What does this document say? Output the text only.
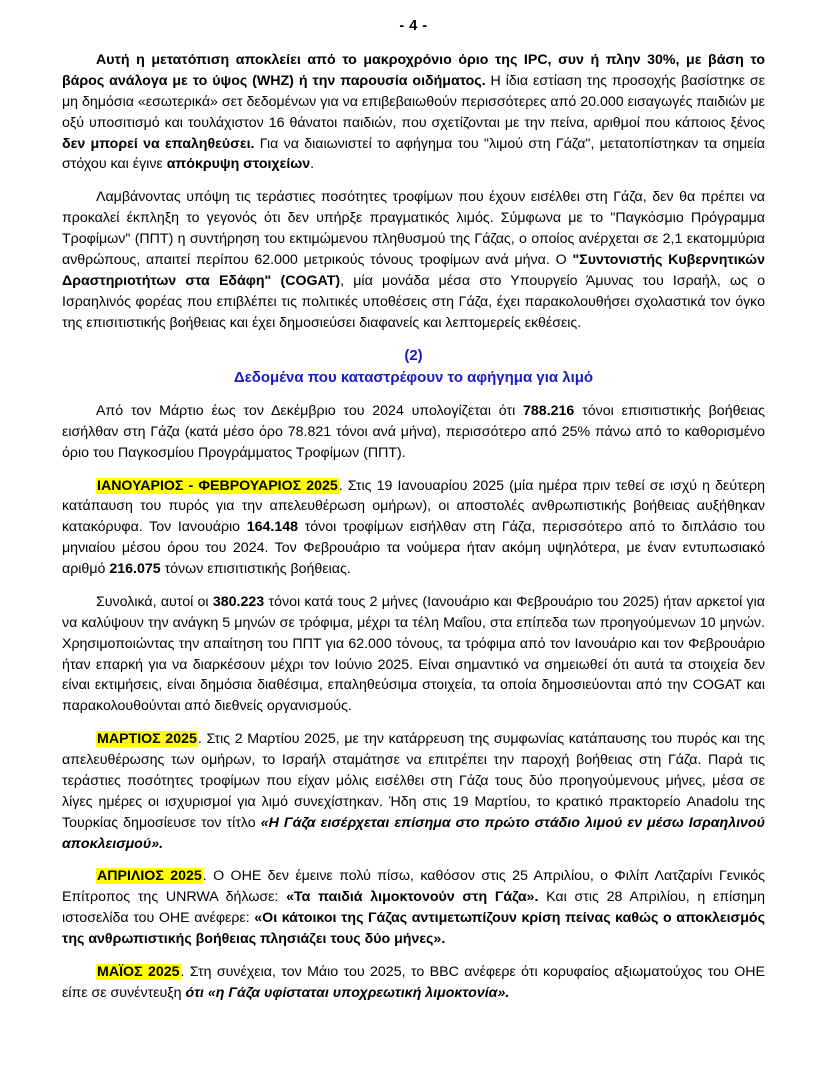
- 4 -

Αυτή η μετατόπιση αποκλείει από το μακροχρόνιο όριο της IPC, συν ή πλην 30%, με βάση το βάρος ανάλογα με το ύψος (WHZ) ή την παρουσία οιδήματος. Η ίδια εστίαση της προσοχής βασίστηκε σε μη δημόσια «εσωτερικά» σετ δεδομένων για να επιβεβαιωθούν περισσότερες από 20.000 εισαγωγές παιδιών με οξύ υποσιτισμό και τουλάχιστον 16 θάνατοι παιδιών, που σχετίζονται με την πείνα, αριθμοί που κάποιος ξένος δεν μπορεί να επαληθεύσει. Για να διαιωνιστεί το αφήγημα του "λιμού στη Γάζα", μετατοπίστηκαν τα σημεία στόχου και έγινε απόκρυψη στοιχείων.

Λαμβάνοντας υπόψη τις τεράστιες ποσότητες τροφίμων που έχουν εισέλθει στη Γάζα, δεν θα πρέπει να προκαλεί έκπληξη το γεγονός ότι δεν υπήρξε πραγματικός λιμός. Σύμφωνα με το "Παγκόσμιο Πρόγραμμα Τροφίμων" (ΠΠΤ) η συντήρηση του εκτιμώμενου πληθυσμού της Γάζας, ο οποίος ανέρχεται σε 2,1 εκατομμύρια ανθρώπους, απαιτεί περίπου 62.000 μετρικούς τόνους τροφίμων ανά μήνα. Ο "Συντονιστής Κυβερνητικών Δραστηριοτήτων στα Εδάφη" (COGAT), μία μονάδα μέσα στο Υπουργείο Άμυνας του Ισραήλ, ως ο Ισραηλινός φορέας που επιβλέπει τις πολιτικές υποθέσεις στη Γάζα, έχει παρακολουθήσει σχολαστικά τον όγκο της επισιτιστικής βοήθειας και έχει δημοσιεύσει διαφανείς και λεπτομερείς εκθέσεις.

(2)

Δεδομένα που καταστρέφουν το αφήγημα για λιμό

Από τον Μάρτιο έως τον Δεκέμβριο του 2024 υπολογίζεται ότι 788.216 τόνοι επισιτιστικής βοήθειας εισήλθαν στη Γάζα (κατά μέσο όρο 78.821 τόνοι ανά μήνα), περισσότερο από 25% πάνω από το καθορισμένο όριο του Παγκοσμίου Προγράμματος Τροφίμων (ΠΠΤ).

ΙΑΝΟΥΑΡΙΟΣ - ΦΕΒΡΟΥΑΡΙΟΣ 2025. Στις 19 Ιανουαρίου 2025 (μία ημέρα πριν τεθεί σε ισχύ η δεύτερη κατάπαυση του πυρός για την απελευθέρωση ομήρων), οι αποστολές ανθρωπιστικής βοήθειας αυξήθηκαν κατακόρυφα. Τον Ιανουάριο 164.148 τόνοι τροφίμων εισήλθαν στη Γάζα, περισσότερο από το διπλάσιο του μηνιαίου μέσου όρου του 2024. Τον Φεβρουάριο τα νούμερα ήταν ακόμη υψηλότερα, με έναν εντυπωσιακό αριθμό 216.075 τόνων επισιτιστικής βοήθειας.

Συνολικά, αυτοί οι 380.223 τόνοι κατά τους 2 μήνες (Ιανουάριο και Φεβρουάριο του 2025) ήταν αρκετοί για να καλύψουν την ανάγκη 5 μηνών σε τρόφιμα, μέχρι τα τέλη Μαΐου, στα επίπεδα των προηγούμενων 10 μηνών. Χρησιμοποιώντας την απαίτηση του ΠΠΤ για 62.000 τόνους, τα τρόφιμα από τον Ιανουάριο και τον Φεβρουάριο ήταν επαρκή για να διαρκέσουν μέχρι τον Ιούνιο 2025. Είναι σημαντικό να σημειωθεί ότι αυτά τα στοιχεία δεν είναι εκτιμήσεις, είναι δημόσια διαθέσιμα, επαληθεύσιμα στοιχεία, τα οποία δημοσιεύονται από την COGAT και παρακολουθούνται από διεθνείς οργανισμούς.

ΜΑΡΤΙΟΣ 2025. Στις 2 Μαρτίου 2025, με την κατάρρευση της συμφωνίας κατάπαυσης του πυρός και της απελευθέρωσης των ομήρων, το Ισραήλ σταμάτησε να επιτρέπει την παροχή βοήθειας στη Γάζα. Παρά τις τεράστιες ποσότητες τροφίμων που είχαν μόλις εισέλθει στη Γάζα τους δύο προηγούμενους μήνες, μέσα σε λίγες ημέρες οι ισχυρισμοί για λιμό συνεχίστηκαν. Ήδη στις 19 Μαρτίου, το κρατικό πρακτορείο Anadolu της Τουρκίας δημοσίευσε τον τίτλο «Η Γάζα εισέρχεται επίσημα στο πρώτο στάδιο λιμού εν μέσω Ισραηλινού αποκλεισμού».

ΑΠΡΙΛΙΟΣ 2025. Ο ΟΗΕ δεν έμεινε πολύ πίσω, καθόσον στις 25 Απριλίου, ο Φιλίπ Λατζαρίνι Γενικός Επίτροπος της UNRWA δήλωσε: «Τα παιδιά λιμοκτονούν στη Γάζα». Και στις 28 Απριλίου, η επίσημη ιστοσελίδα του ΟΗΕ ανέφερε: «Οι κάτοικοι της Γάζας αντιμετωπίζουν κρίση πείνας καθώς ο αποκλεισμός της ανθρωπιστικής βοήθειας πλησιάζει τους δύο μήνες».

ΜΑΪΟΣ 2025. Στη συνέχεια, τον Μάιο του 2025, το BBC ανέφερε ότι κορυφαίος αξιωματούχος του ΟΗΕ είπε σε συνέντευξη ότι «η Γάζα υφίσταται υποχρεωτική λιμοκτονία».
